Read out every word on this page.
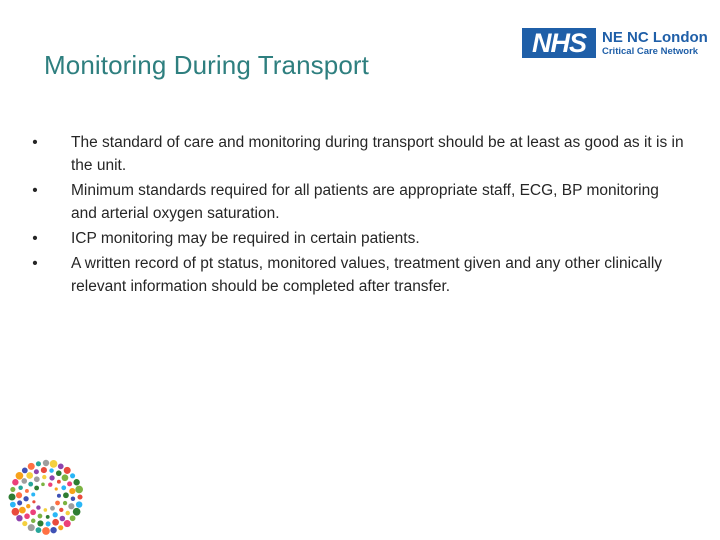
Monitoring During Transport
NHS	NE NC London
Critical Care Network
• The standard of care and monitoring during transport should be at least as good as it is in the unit.
• Minimum standards required for all patients are appropriate staff, ECG, BP monitoring and arterial oxygen saturation.
• ICP monitoring may be required in certain patients.
• A written record of pt status, monitored values, treatment given and any other clinically relevant information should be completed after transfer.
